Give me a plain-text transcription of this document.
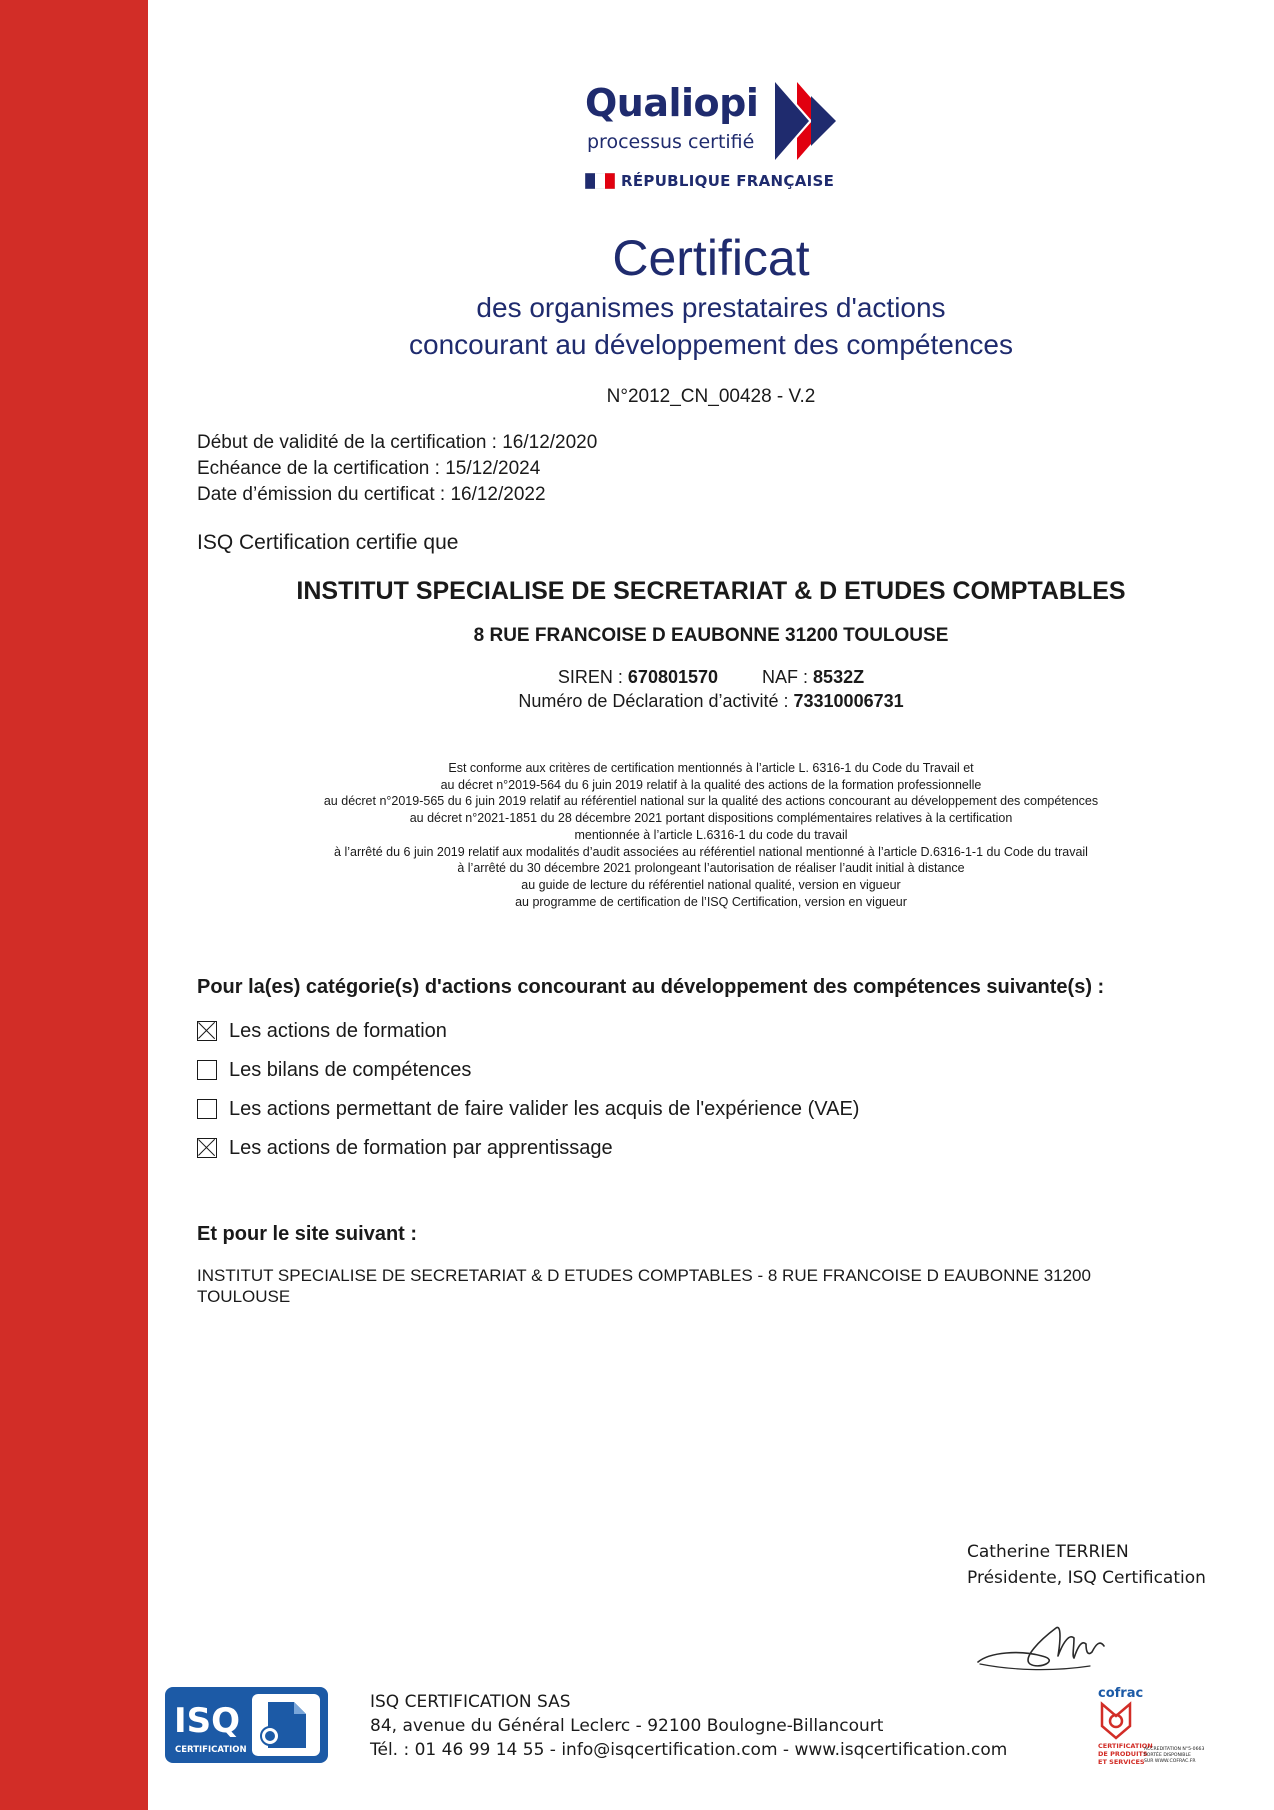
Qualiopi
processus certifié
RÉPUBLIQUE FRANÇAISE
Certificat
des organismes prestataires d'actions
concourant au développement des compétences
N°2012_CN_00428 - V.2
Début de validité de la certification : 16/12/2020
Echéance de la certification : 15/12/2024
Date d’émission du certificat : 16/12/2022
ISQ Certification certifie que
INSTITUT SPECIALISE DE SECRETARIAT & D ETUDES COMPTABLES
8 RUE FRANCOISE D EAUBONNE 31200 TOULOUSE
SIREN : 670801570 NAF : 8532Z
Numéro de Déclaration d’activité : 73310006731
Est conforme aux critères de certification mentionnés à l’article L. 6316-1 du Code du Travail et
au décret n°2019-564 du 6 juin 2019 relatif à la qualité des actions de la formation professionnelle
au décret n°2019-565 du 6 juin 2019 relatif au référentiel national sur la qualité des actions concourant au développement des compétences
au décret n°2021-1851 du 28 décembre 2021 portant dispositions complémentaires relatives à la certification
mentionnée à l’article L.6316-1 du code du travail
à l’arrêté du 6 juin 2019 relatif aux modalités d’audit associées au référentiel national mentionné à l’article D.6316-1-1 du Code du travail
à l’arrêté du 30 décembre 2021 prolongeant l’autorisation de réaliser l’audit initial à distance
au guide de lecture du référentiel national qualité, version en vigueur
au programme de certification de l’ISQ Certification, version en vigueur
Pour la(es) catégorie(s) d'actions concourant au développement des compétences suivante(s) :
Les actions de formation
Les bilans de compétences
Les actions permettant de faire valider les acquis de l'expérience (VAE)
Les actions de formation par apprentissage
Et pour le site suivant :
INSTITUT SPECIALISE DE SECRETARIAT & D ETUDES COMPTABLES - 8 RUE FRANCOISE D EAUBONNE 31200
TOULOUSE
Catherine TERRIEN
Présidente, ISQ Certification
ISQ
CERTIFICATION
ISQ CERTIFICATION SAS
84, avenue du Général Leclerc - 92100 Boulogne-Billancourt
Tél. : 01 46 99 14 55 - info@isqcertification.com - www.isqcertification.com
cofrac
CERTIFICATION
DE PRODUITS
ET SERVICES
ACCREDITATION N°5-0663
PORTÉE DISPONIBLE
SUR WWW.COFRAC.FR
